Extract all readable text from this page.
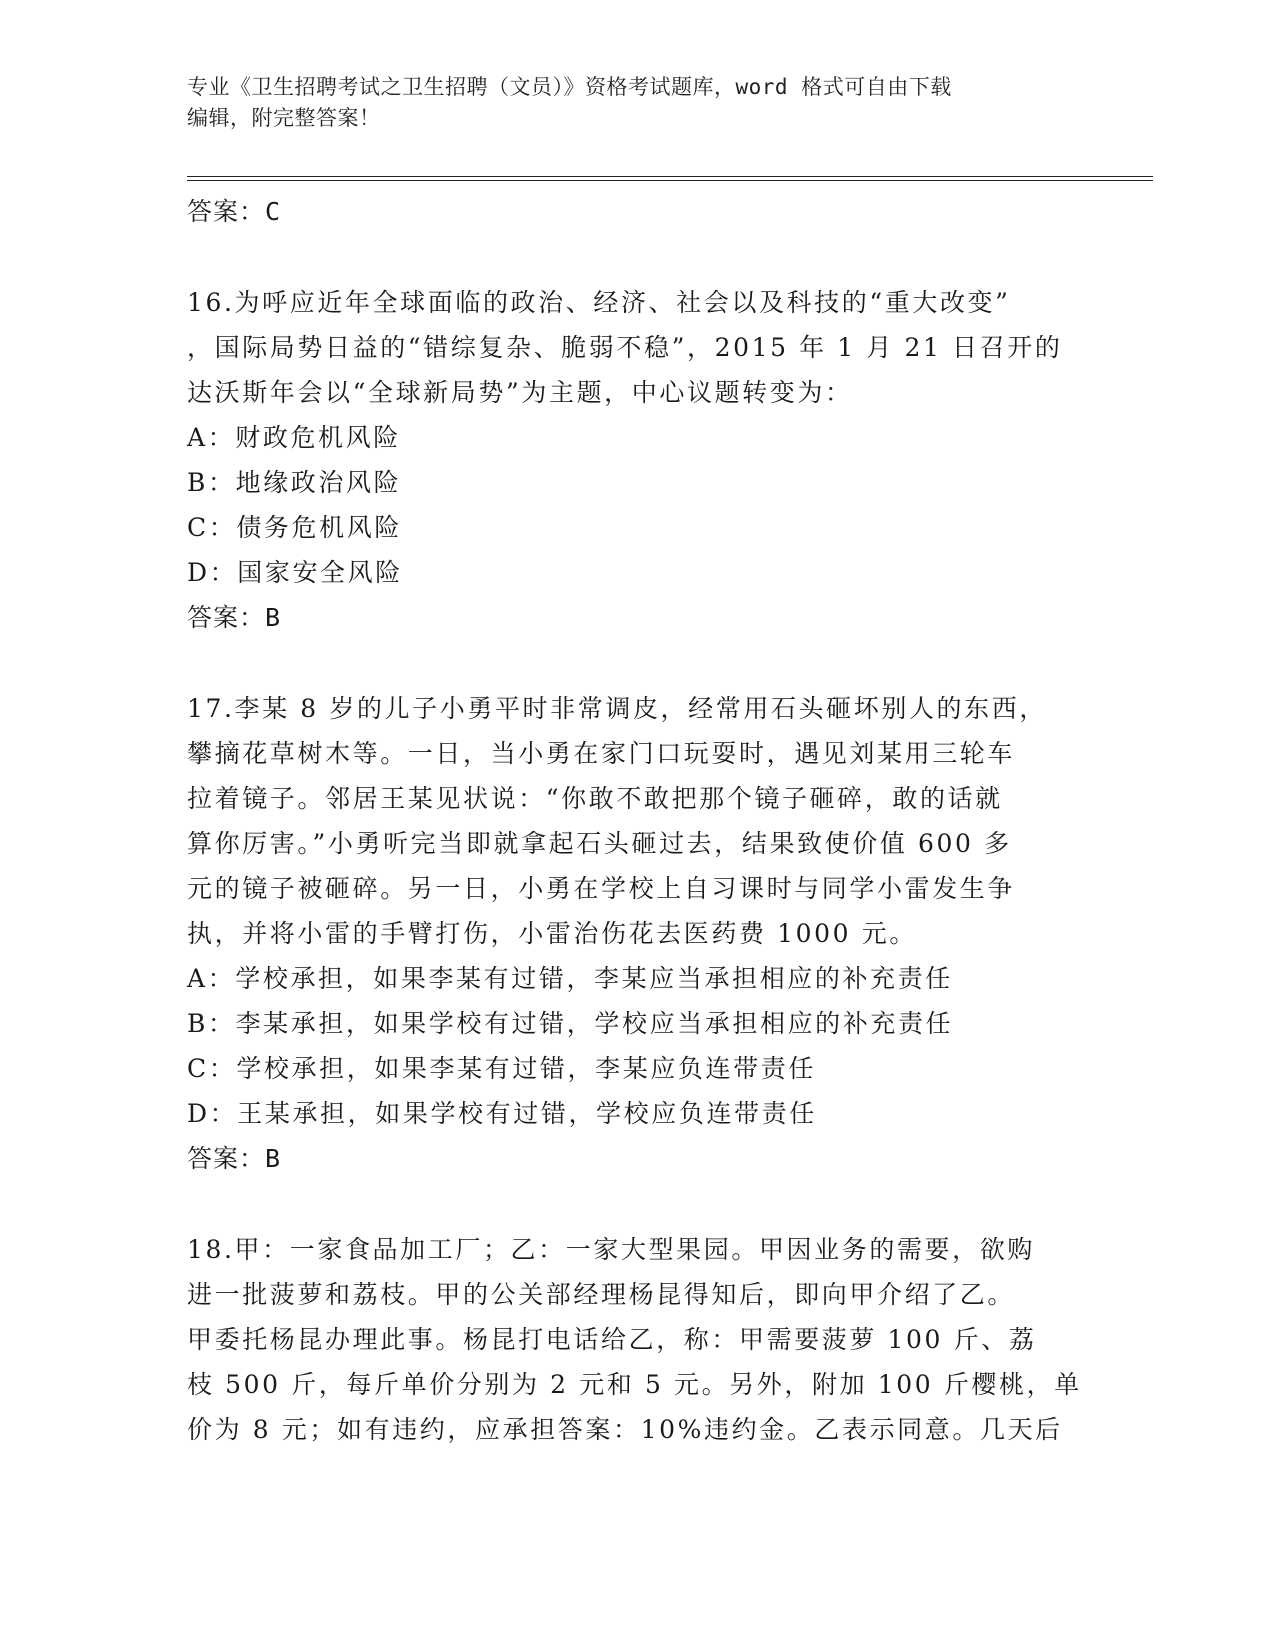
专业《卫生招聘考试之卫生招聘（文员）》资格考试题库，word 格式可自由下载
编辑，附完整答案！
答案：C
16.为呼应近年全球面临的政治、经济、社会以及科技的“重大改变”
，国际局势日益的“错综复杂、脆弱不稳”，2015 年 1 月 21 日召开的
达沃斯年会以“全球新局势”为主题，中心议题转变为：
A：财政危机风险
B：地缘政治风险
C：债务危机风险
D：国家安全风险
答案：B
17.李某 8 岁的儿子小勇平时非常调皮，经常用石头砸坏别人的东西，
攀摘花草树木等。一日，当小勇在家门口玩耍时，遇见刘某用三轮车
拉着镜子。邻居王某见状说：“你敢不敢把那个镜子砸碎，敢的话就
算你厉害。”小勇听完当即就拿起石头砸过去，结果致使价值 600 多
元的镜子被砸碎。另一日，小勇在学校上自习课时与同学小雷发生争
执，并将小雷的手臂打伤，小雷治伤花去医药费 1000 元。
A：学校承担，如果李某有过错，李某应当承担相应的补充责任
B：李某承担，如果学校有过错，学校应当承担相应的补充责任
C：学校承担，如果李某有过错，李某应负连带责任
D：王某承担，如果学校有过错，学校应负连带责任
答案：B
18.甲：一家食品加工厂；乙：一家大型果园。甲因业务的需要，欲购
进一批菠萝和荔枝。甲的公关部经理杨昆得知后，即向甲介绍了乙。
甲委托杨昆办理此事。杨昆打电话给乙，称：甲需要菠萝 100 斤、荔
枝 500 斤，每斤单价分别为 2 元和 5 元。另外，附加 100 斤樱桃，单
价为 8 元；如有违约，应承担答案：10%违约金。乙表示同意。几天后
